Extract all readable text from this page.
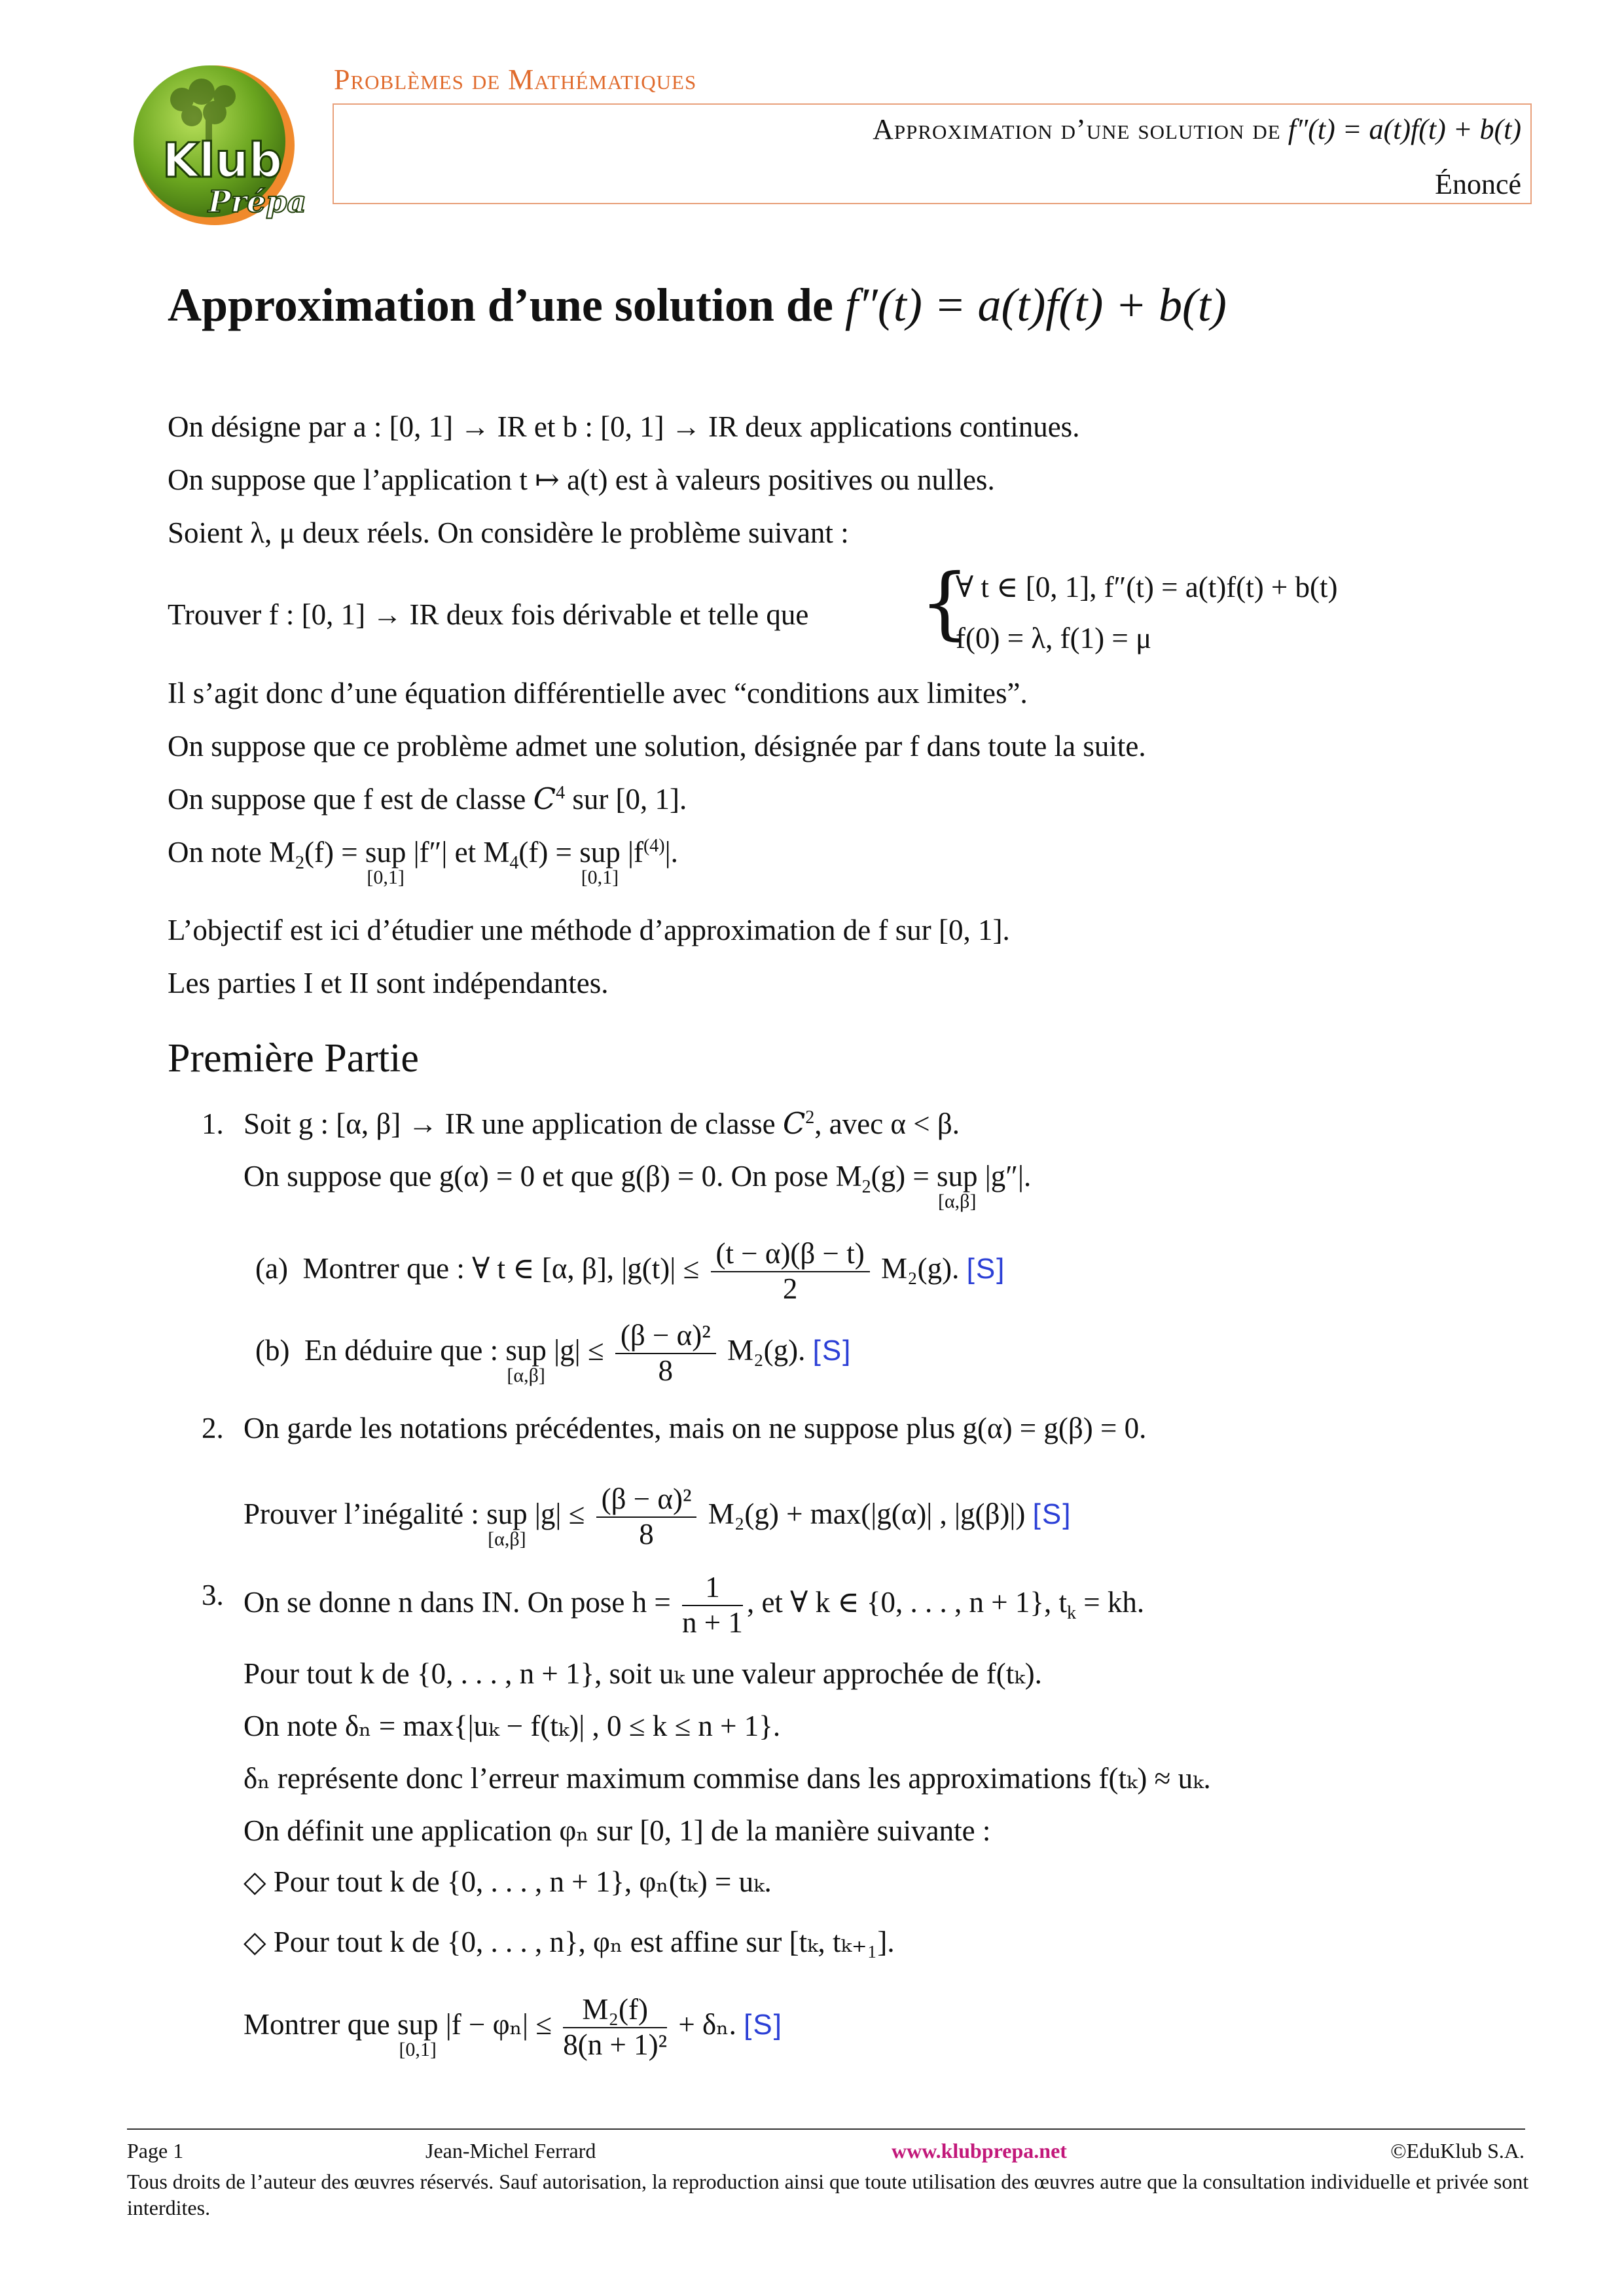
Klub
Prépa
Problèmes de Mathématiques
Approximation d’une solution de f″(t) = a(t)f(t) + b(t)
Énoncé
Approximation d’une solution de f″(t) = a(t)f(t) + b(t)
On désigne par a : [0, 1] → IR et b : [0, 1] → IR deux applications continues.
On suppose que l’application t ↦ a(t) est à valeurs positives ou nulles.
Soient λ, μ deux réels. On considère le problème suivant :
Trouver f : [0, 1] → IR deux fois dérivable et telle que {
∀ t ∈ [0, 1], f″(t) = a(t)f(t) + b(t)
f(0) = λ, f(1) = μ
Il s’agit donc d’une équation différentielle avec “conditions aux limites”.
On suppose que ce problème admet une solution, désignée par f dans toute la suite.
On suppose que f est de classe $C^4$ sur [0, 1].
On note $M_2(f)$ = sup
[0,1]
|f″| et $M_4(f)$ = sup
[0,1]
$|f^{(4)}|$.
L’objectif est ici d’étudier une méthode d’approximation de f sur [0, 1].
Les parties I et II sont indépendantes.
Première Partie
1. Soit g : [α, β] → IR une application de classe $C^2$, avec α < β.
On suppose que g(α) = 0 et que g(β) = 0. On pose $M_2(g)$ = sup
[α,β]
|g″|.
(a) Montrer que : ∀ t ∈ [α, β], $|g(t)| \le \frac{(t - \alpha)(\beta - t)}{2} M_2(g)$. [S]
(b) En déduire que : sup
[α,β]
$|g| \le \frac{\text{(β − α)²}}{8} M_2(g)$. [S]
2. On garde les notations précédentes, mais on ne suppose plus g(α) = g(β) = 0.
Prouver l’inégalité : sup
[α,β]
$|g| \le \frac{\text{(β − α)²}}{8} M_2(g) + \max(|g(\alpha)|$ , |g(β)|) [S]
3. On se donne n dans IN. On pose $h = \frac{1}{n + 1}$ , et ∀ k ∈ {0, . . . , n + 1}, $t_k$ = kh.
Pour tout k de {0, . . . , n + 1}, soit uₖ une valeur approchée de f(tₖ).
On note δₙ = max{|uₖ − f(tₖ)| , 0 ≤ k ≤ n + 1}.
δₙ représente donc l’erreur maximum commise dans les approximations f(tₖ) ≈ uₖ.
On définit une application φₙ sur [0, 1] de la manière suivante :
◇ Pour tout k de {0, . . . , n + 1}, φₙ(tₖ) = uₖ.
◇ Pour tout k de {0, . . . , n}, φₙ est affine sur [tₖ, tₖ₊₁].
Montrer que sup
[0,1]
$|f - \varphi_n| \le \frac{\text{M₂(f)}}{\text{8(n + 1)²}} + \delta_n$. [S]
Page 1	Jean-Michel Ferrard	www.klubprepa.net	©EduKlub S.A.
Tous droits de l’auteur des œuvres réservés. Sauf autorisation, la reproduction ainsi que toute utilisation des œuvres autre que la consultation individuelle et privée sont interdites.
